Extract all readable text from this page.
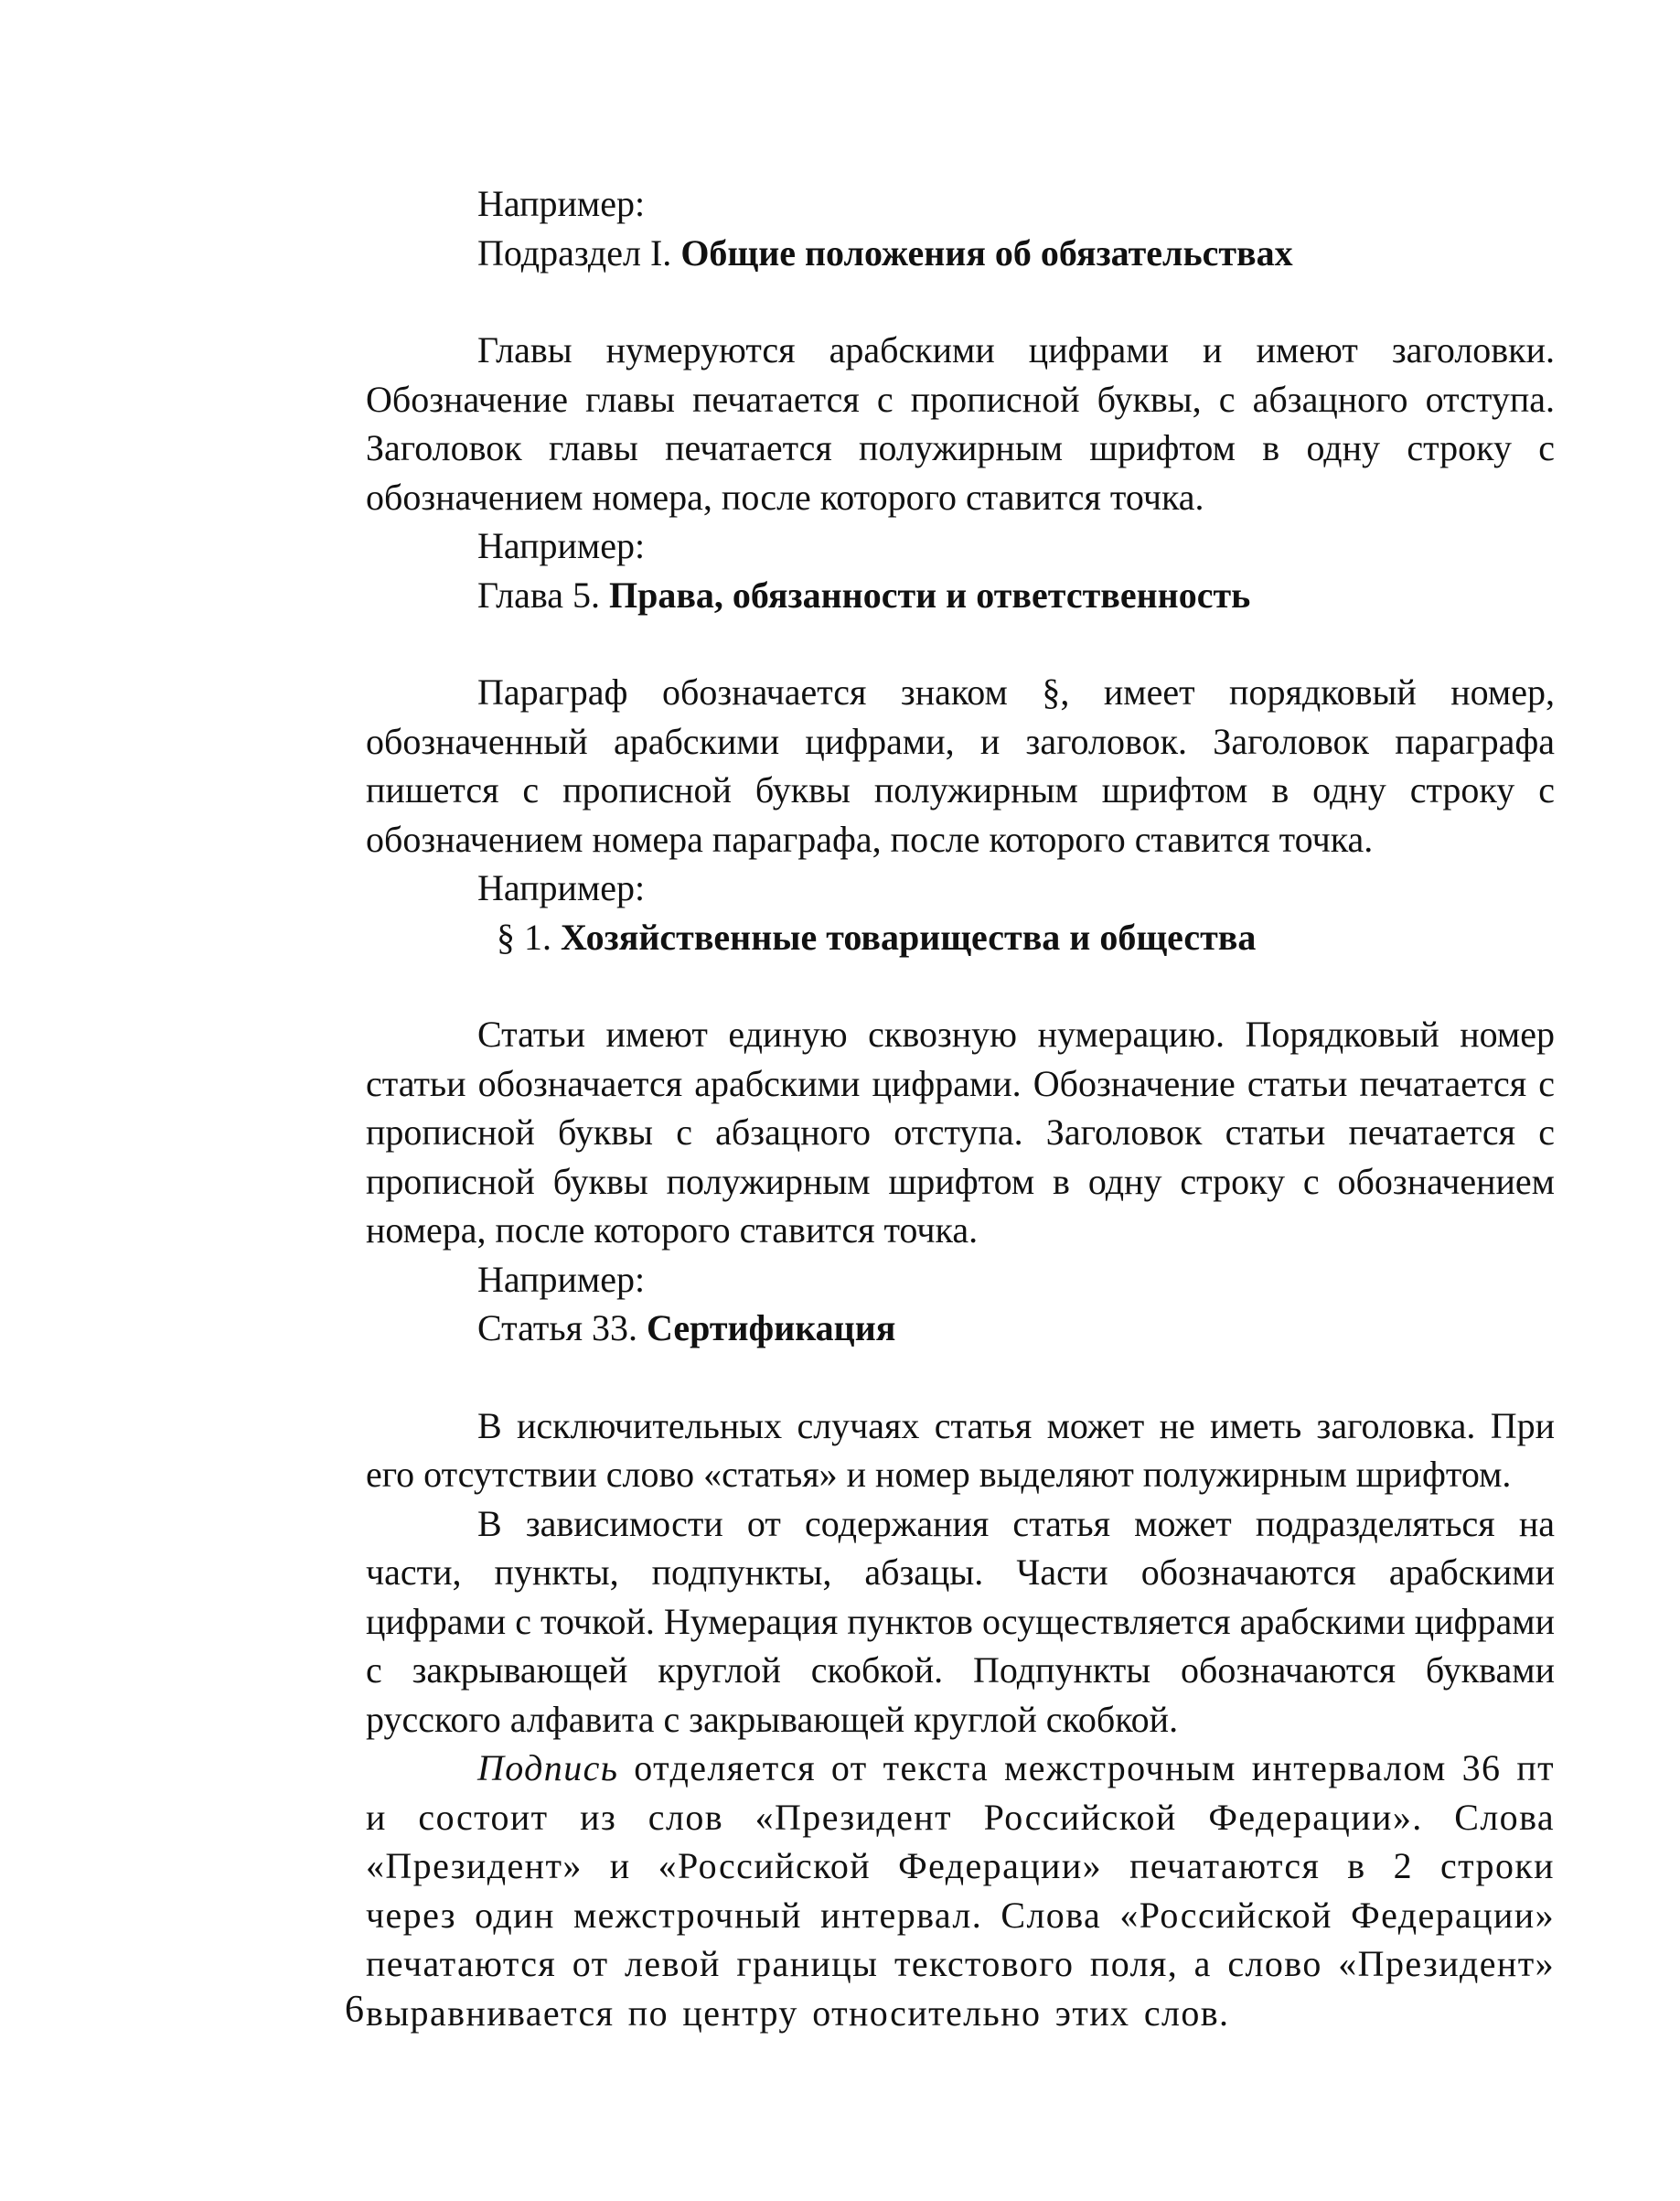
Например:

Подраздел I. Общие положения об обязательствах

Главы нумеруются арабскими цифрами и имеют заголовки. Обозначение главы печатается с прописной буквы, с абзацного отступа. Заголовок главы печатается полужирным шрифтом в одну строку с обозначением номера, после которого ставится точка.

Например:

Глава 5. Права, обязанности и ответственность

Параграф обозначается знаком §, имеет порядковый номер, обозначенный арабскими цифрами, и заголовок. Заголовок параграфа пишется с прописной буквы полужирным шрифтом в одну строку с обозначением номера параграфа, после которого ставится точка.

Например:

§ 1. Хозяйственные товарищества и общества

Статьи имеют единую сквозную нумерацию. Порядковый номер статьи обозначается арабскими цифрами. Обозначение статьи печатается с прописной буквы с абзацного отступа. Заголовок статьи печатается с прописной буквы полужирным шрифтом в одну строку с обозначением номера, после которого ставится точка.

Например:

Статья 33. Сертификация

В исключительных случаях статья может не иметь заголовка. При его отсутствии слово «статья» и номер выделяют полужирным шрифтом.

В зависимости от содержания статья может подразделяться на части, пункты, подпункты, абзацы. Части обозначаются арабскими цифрами с точкой. Нумерация пунктов осуществляется арабскими цифрами с закрывающей круглой скобкой. Подпункты обозначаются буквами русского алфавита с закрывающей круглой скобкой.

Подпись отделяется от текста межстрочным интервалом 36 пт и состоит из слов «Президент Российской Федерации». Слова «Президент» и «Российской Федерации» печатаются в 2 строки через один межстрочный интервал. Слова «Российской Федерации» печатаются от левой границы текстового поля, а слово «Президент» выравнивается по центру относительно этих слов.

6
